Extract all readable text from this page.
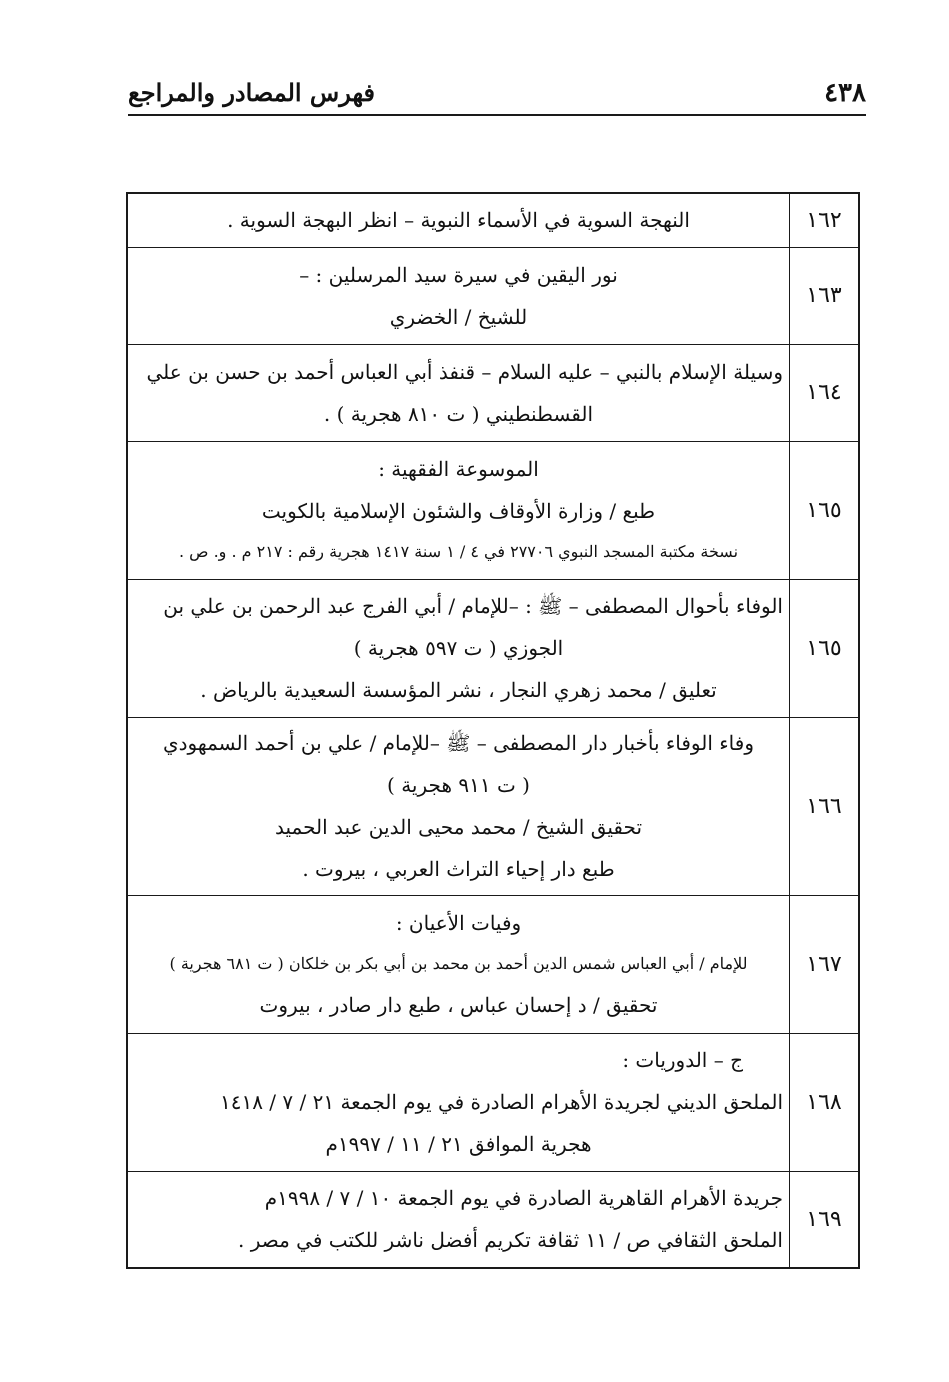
٤٣٨
فهرس المصادر والمراجع
١٦٢	النهجة السوية في الأسماء النبوية – انظر البهجة السوية .

١٦٣	نور اليقين في سيرة سيد المرسلين : –
للشيخ / الخضري

١٦٤	وسيلة الإسلام بالنبي – عليه السلام – قنفذ أبي العباس أحمد بن حسن بن علي
القسطنطيني ( ت ٨١٠ هجرية ) .

١٦٥	الموسوعة الفقهية :
طبع / وزارة الأوقاف والشئون الإسلامية بالكويت
نسخة مكتبة المسجد النبوي ٢٧٧٠٦ في ٤ / ١ سنة ١٤١٧ هجرية رقم : ٢١٧ م . و. ص .

١٦٥	الوفاء بأحوال المصطفى – ﷺ : –للإمام / أبي الفرج عبد الرحمن بن علي بن
الجوزي ( ت ٥٩٧ هجرية )
تعليق / محمد زهري النجار ، نشر المؤسسة السعيدية بالرياض .

١٦٦	وفاء الوفاء بأخبار دار المصطفى – ﷺ –للإمام / علي بن أحمد السمهودي
( ت ٩١١ هجرية )
تحقيق الشيخ / محمد محيى الدين عبد الحميد
طبع دار إحياء التراث العربي ، بيروت .

١٦٧	وفيات الأعيان :
للإمام / أبي العباس شمس الدين أحمد بن محمد بن أبي بكر بن خلكان ( ت ٦٨١ هجرية )
تحقيق / د إحسان عباس ، طبع دار صادر ، بيروت

١٦٨	ج – الدوريات :
الملحق الديني لجريدة الأهرام الصادرة في يوم الجمعة ٢١ / ٧ / ١٤١٨
هجرية الموافق ٢١ / ١١ / ١٩٩٧م

١٦٩	جريدة الأهرام القاهرية الصادرة في يوم الجمعة ١٠ / ٧ / ١٩٩٨م
الملحق الثقافي ص / ١١ ثقافة تكريم أفضل ناشر للكتب في مصر .
